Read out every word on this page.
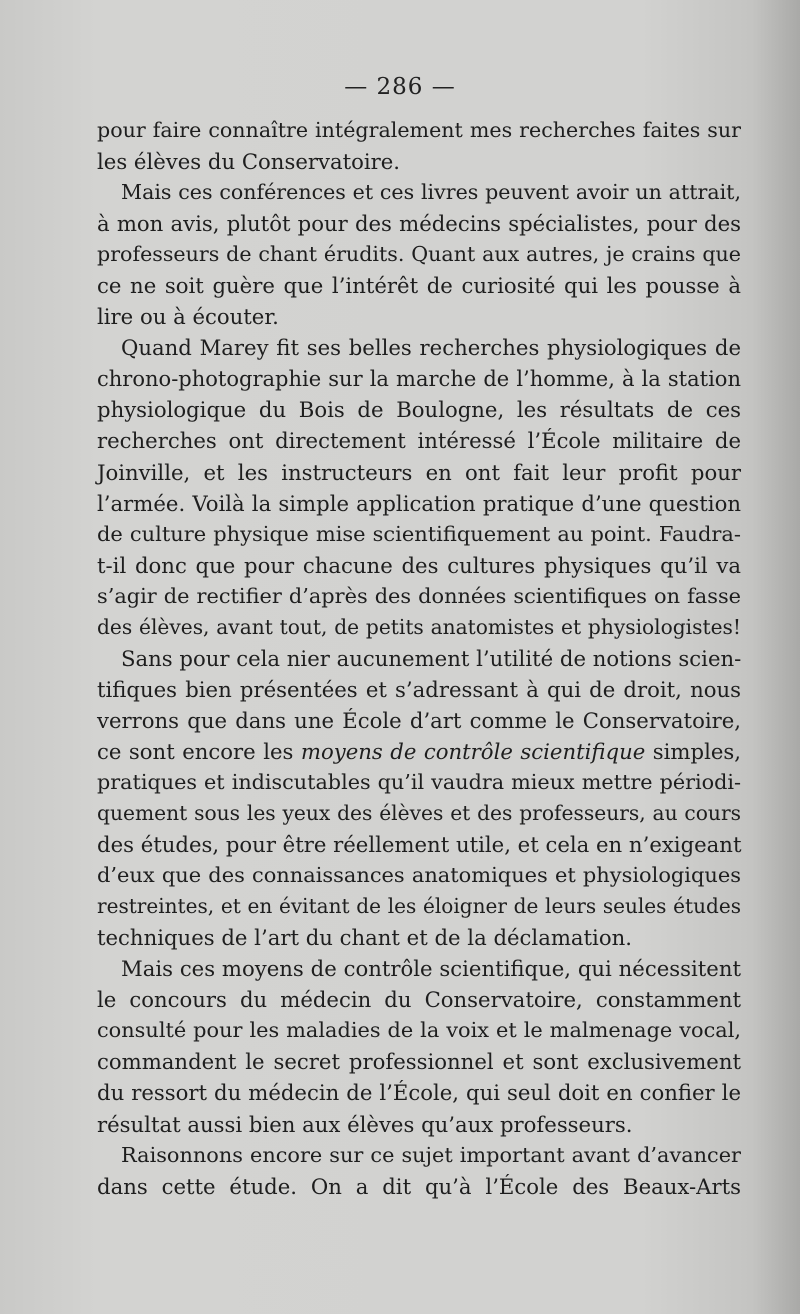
— 286 —
pour faire connaître intégralement mes recherches faites sur
les élèves du Conservatoire.
Mais ces conférences et ces livres peuvent avoir un attrait,
à mon avis, plutôt pour des médecins spécialistes, pour des
professeurs de chant érudits. Quant aux autres, je crains que
ce ne soit guère que l’intérêt de curiosité qui les pousse à
lire ou à écouter.
Quand Marey fit ses belles recherches physiologiques de
chrono-photographie sur la marche de l’homme, à la station
physiologique du Bois de Boulogne, les résultats de ces
recherches ont directement intéressé l’École militaire de
Joinville, et les instructeurs en ont fait leur profit pour
l’armée. Voilà la simple application pratique d’une question
de culture physique mise scientifiquement au point. Faudra-
t-il donc que pour chacune des cultures physiques qu’il va
s’agir de rectifier d’après des données scientifiques on fasse
des élèves, avant tout, de petits anatomistes et physiologistes!
Sans pour cela nier aucunement l’utilité de notions scien-
tifiques bien présentées et s’adressant à qui de droit, nous
verrons que dans une École d’art comme le Conservatoire,
ce sont encore les moyens de contrôle scientifique simples,
pratiques et indiscutables qu’il vaudra mieux mettre périodi-
quement sous les yeux des élèves et des professeurs, au cours
des études, pour être réellement utile, et cela en n’exigeant
d’eux que des connaissances anatomiques et physiologiques
restreintes, et en évitant de les éloigner de leurs seules études
techniques de l’art du chant et de la déclamation.
Mais ces moyens de contrôle scientifique, qui nécessitent
le concours du médecin du Conservatoire, constamment
consulté pour les maladies de la voix et le malmenage vocal,
commandent le secret professionnel et sont exclusivement
du ressort du médecin de l’École, qui seul doit en confier le
résultat aussi bien aux élèves qu’aux professeurs.
Raisonnons encore sur ce sujet important avant d’avancer
dans cette étude. On a dit qu’à l’École des Beaux-Arts
